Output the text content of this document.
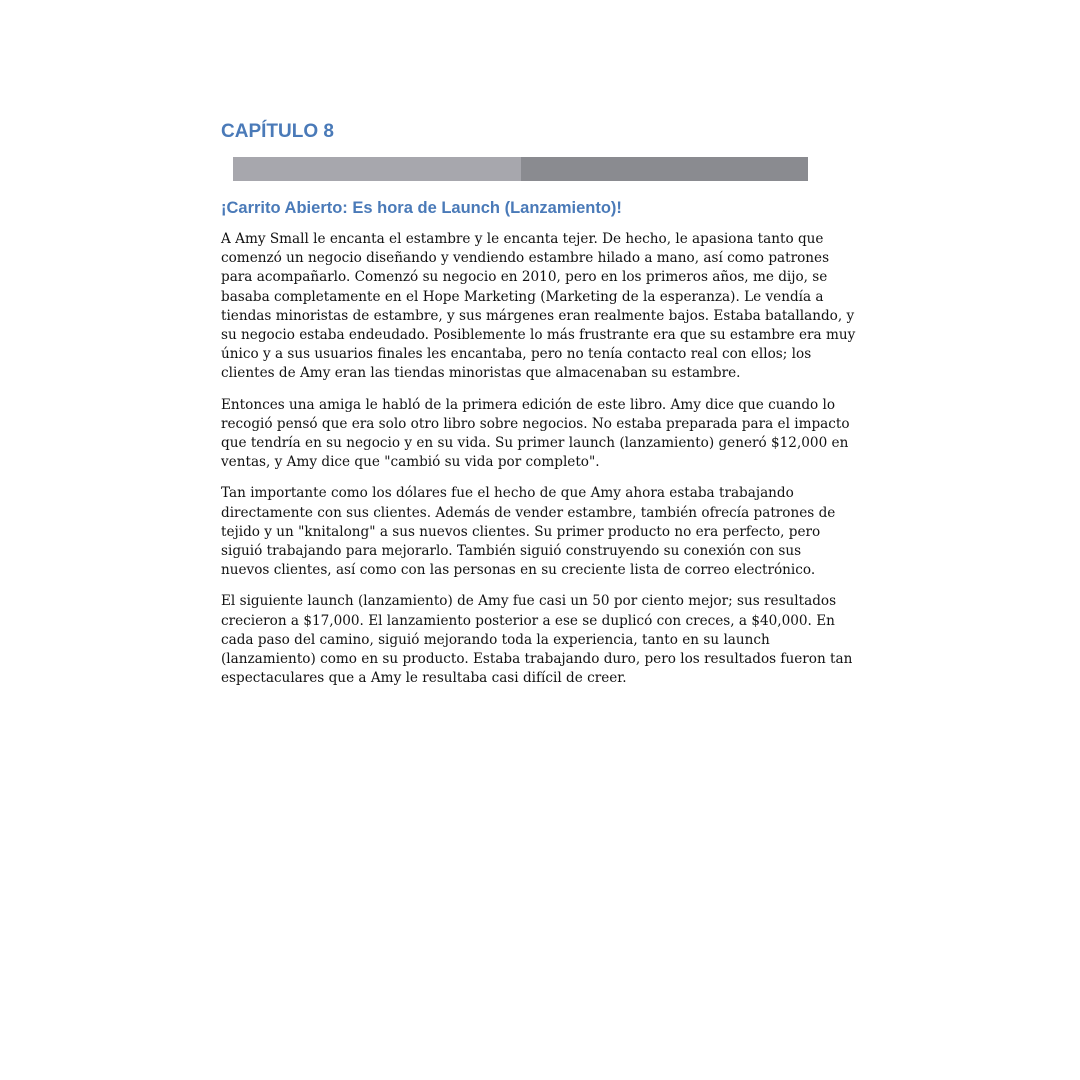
CAPÍTULO 8
¡Carrito Abierto: Es hora de Launch (Lanzamiento)!

A Amy Small le encanta el estambre y le encanta tejer. De hecho, le apasiona tanto que
comenzó un negocio diseñando y vendiendo estambre hilado a mano, así como patrones
para acompañarlo. Comenzó su negocio en 2010, pero en los primeros años, me dijo, se
basaba completamente en el Hope Marketing (Marketing de la esperanza). Le vendía a
tiendas minoristas de estambre, y sus márgenes eran realmente bajos. Estaba batallando, y
su negocio estaba endeudado. Posiblemente lo más frustrante era que su estambre era muy
único y a sus usuarios finales les encantaba, pero no tenía contacto real con ellos; los
clientes de Amy eran las tiendas minoristas que almacenaban su estambre.

Entonces una amiga le habló de la primera edición de este libro. Amy dice que cuando lo
recogió pensó que era solo otro libro sobre negocios. No estaba preparada para el impacto
que tendría en su negocio y en su vida. Su primer launch (lanzamiento) generó $12,000 en
ventas, y Amy dice que "cambió su vida por completo".

Tan importante como los dólares fue el hecho de que Amy ahora estaba trabajando
directamente con sus clientes. Además de vender estambre, también ofrecía patrones de
tejido y un "knitalong" a sus nuevos clientes. Su primer producto no era perfecto, pero
siguió trabajando para mejorarlo. También siguió construyendo su conexión con sus
nuevos clientes, así como con las personas en su creciente lista de correo electrónico.

El siguiente launch (lanzamiento) de Amy fue casi un 50 por ciento mejor; sus resultados
crecieron a $17,000. El lanzamiento posterior a ese se duplicó con creces, a $40,000. En
cada paso del camino, siguió mejorando toda la experiencia, tanto en su launch
(lanzamiento) como en su producto. Estaba trabajando duro, pero los resultados fueron tan
espectaculares que a Amy le resultaba casi difícil de creer.
